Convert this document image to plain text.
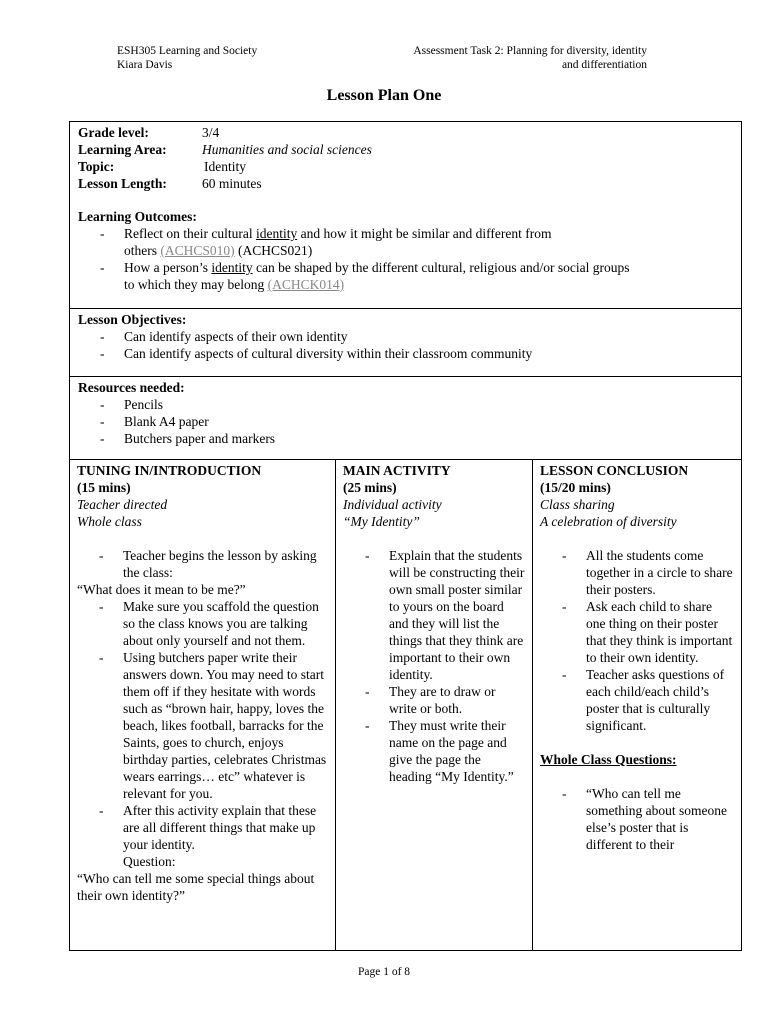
ESH305 Learning and Society
Kiara Davis
Assessment Task 2: Planning for diversity, identity
and differentiation
Lesson Plan One
Grade level:	3/4
Learning Area:	Humanities and social sciences
Topic:	Identity
Lesson Length:	60 minutes
Learning Outcomes:
- Reflect on their cultural identity and how it might be similar and different from
others (ACHCS010) (ACHCS021)
- How a person’s identity can be shaped by the different cultural, religious and/or social groups
to which they may belong (ACHCK014)
Lesson Objectives:
- Can identify aspects of their own identity
- Can identify aspects of cultural diversity within their classroom community
Resources needed:
- Pencils
- Blank A4 paper
- Butchers paper and markers
TUNING IN/INTRODUCTION
(15 mins)
Teacher directed
Whole class
- Teacher begins the lesson by asking the class:
“What does it mean to be me?”
- Make sure you scaffold the question so the class knows you are talking about only yourself and not them.
- Using butchers paper write their answers down. You may need to start them off if they hesitate with words such as “brown hair, happy, loves the beach, likes football, barracks for the Saints, goes to church, enjoys birthday parties, celebrates Christmas wears earrings… etc” whatever is relevant for you.
- After this activity explain that these are all different things that make up your identity.
Question:
“Who can tell me some special things about their own identity?”
MAIN ACTIVITY
(25 mins)
Individual activity
“My Identity”
- Explain that the students will be constructing their own small poster similar to yours on the board and they will list the things that they think are important to their own identity.
- They are to draw or write or both.
- They must write their name on the page and give the page the heading “My Identity.”
LESSON CONCLUSION
(15/20 mins)
Class sharing
A celebration of diversity
- All the students come together in a circle to share their posters.
- Ask each child to share one thing on their poster that they think is important to their own identity.
- Teacher asks questions of each child/each child’s poster that is culturally significant.
Whole Class Questions:
- “Who can tell me something about someone else’s poster that is different to their
Page 1 of 8
